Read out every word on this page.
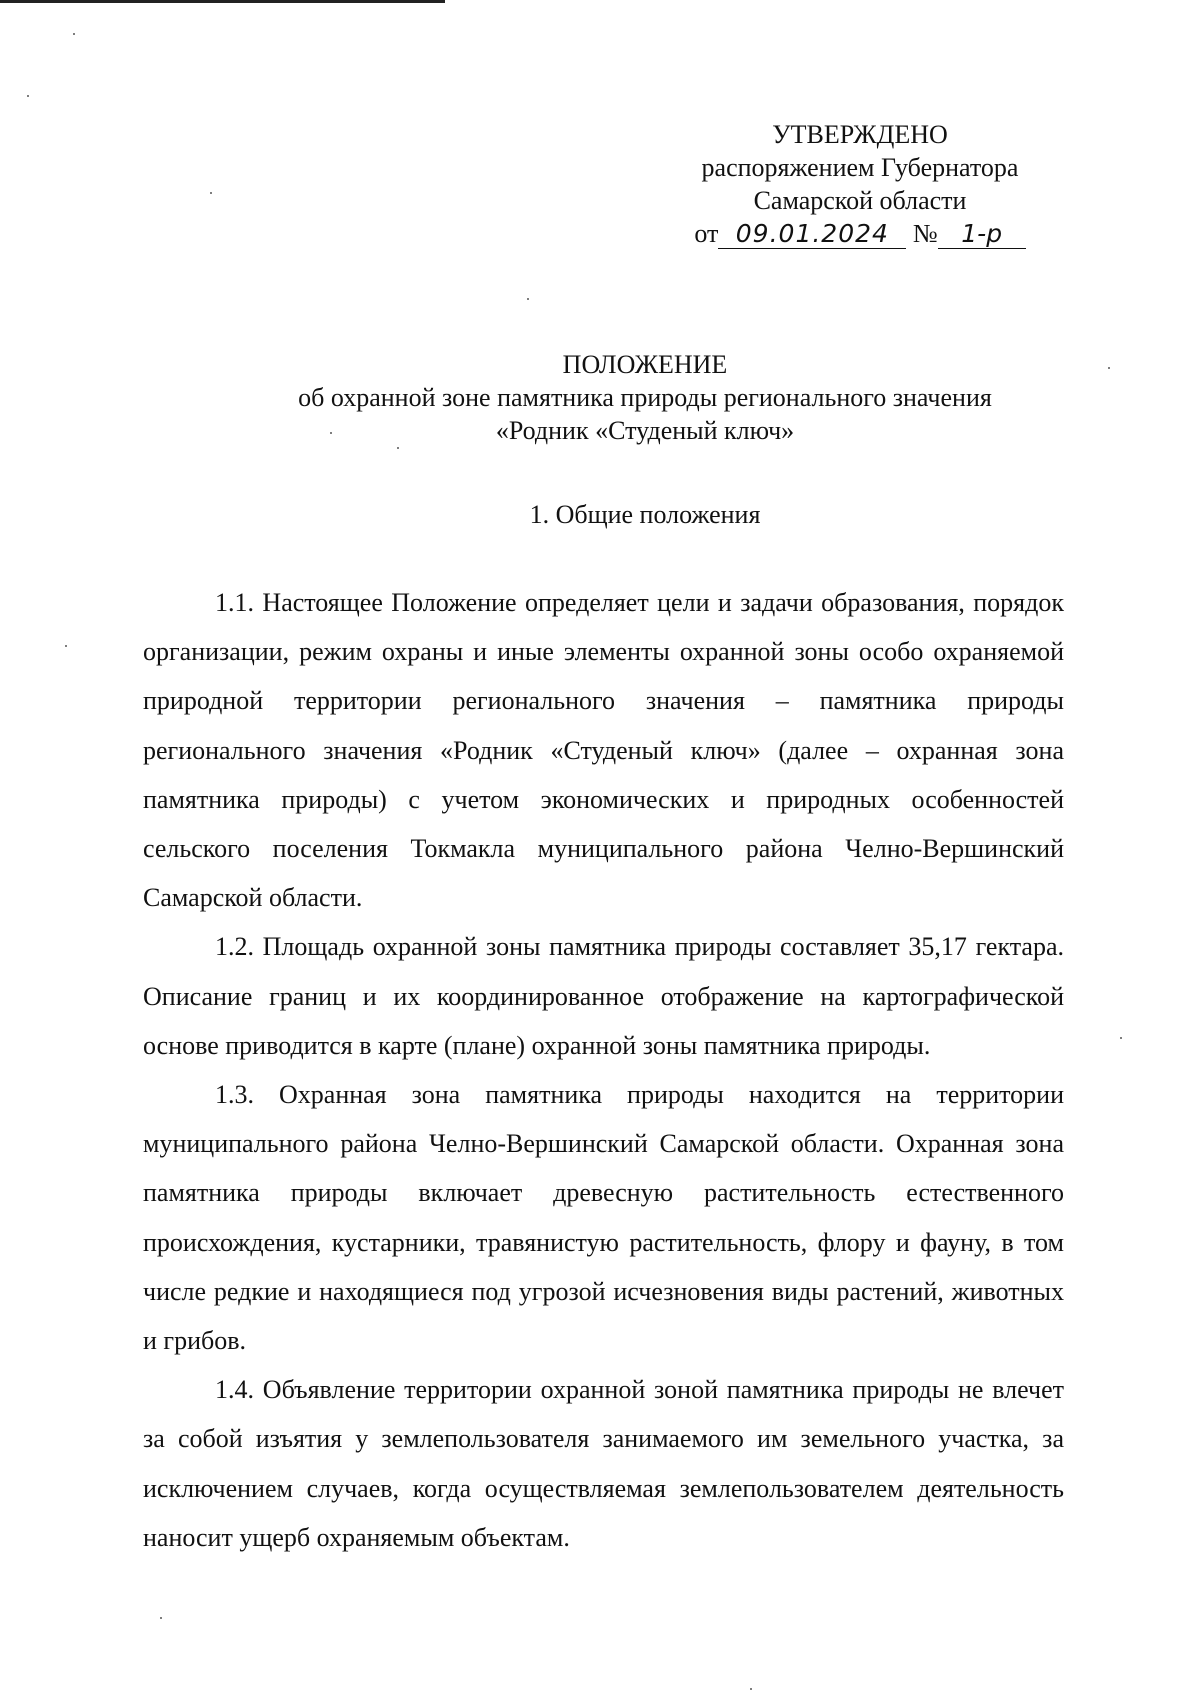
УТВЕРЖДЕНО
распоряжением Губернатора
Самарской области
от 09.01.2024 № 1-р
ПОЛОЖЕНИЕ
об охранной зоне памятника природы регионального значения
«Родник «Студеный ключ»
1. Общие положения

1.1. Настоящее Положение определяет цели и задачи образования, порядок организации, режим охраны и иные элементы охранной зоны особо охраняемой природной территории регионального значения – памятника природы регионального значения «Родник «Студеный ключ» (далее – охранная зона памятника природы) с учетом экономических и природных особенностей сельского поселения Токмакла муниципального района Челно-Вершинский Самарской области.

1.2. Площадь охранной зоны памятника природы составляет 35,17 гектара. Описание границ и их координированное отображение на картографической основе приводится в карте (плане) охранной зоны памятника природы.

1.3. Охранная зона памятника природы находится на территории муниципального района Челно-Вершинский Самарской области. Охранная зона памятника природы включает древесную растительность естественного происхождения, кустарники, травянистую растительность, флору и фауну, в том числе редкие и находящиеся под угрозой исчезновения виды растений, животных и грибов.

1.4. Объявление территории охранной зоной памятника природы не влечет за собой изъятия у землепользователя занимаемого им земельного участка, за исключением случаев, когда осуществляемая землепользователем деятельность наносит ущерб охраняемым объектам.
